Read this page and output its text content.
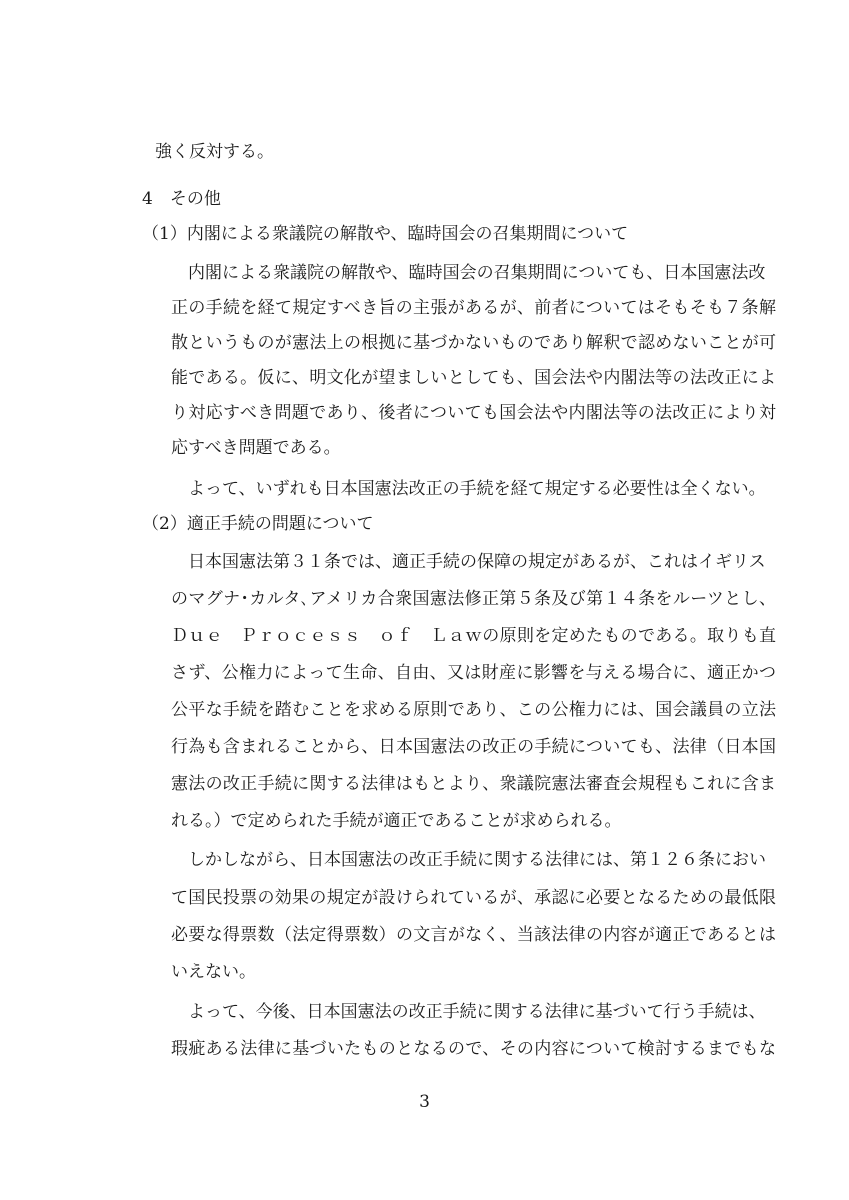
強く反対する。
4　その他
（1）内閣による衆議院の解散や、臨時国会の召集期間について
内閣による衆議院の解散や、臨時国会の召集期間についても、日本国憲法改
正の手続を経て規定すべき旨の主張があるが、前者についてはそもそも７条解
散というものが憲法上の根拠に基づかないものであり解釈で認めないことが可
能である。仮に、明文化が望ましいとしても、国会法や内閣法等の法改正によ
り対応すべき問題であり、後者についても国会法や内閣法等の法改正により対
応すべき問題である。
よって、いずれも日本国憲法改正の手続を経て規定する必要性は全くない。
（2）適正手続の問題について
日本国憲法第３１条では、適正手続の保障の規定があるが、これはイギリス
のマグナ･カルタ､アメリカ合衆国憲法修正第５条及び第１４条をルーツとし、
Ｄｕｅ　Ｐｒｏｃｅｓｓ　ｏｆ　Ｌａｗの原則を定めたものである。取りも直
さず、公権力によって生命、自由、又は財産に影響を与える場合に、適正かつ
公平な手続を踏むことを求める原則であり、この公権力には、国会議員の立法
行為も含まれることから、日本国憲法の改正の手続についても、法律（日本国
憲法の改正手続に関する法律はもとより、衆議院憲法審査会規程もこれに含ま
れる。）で定められた手続が適正であることが求められる。
しかしながら、日本国憲法の改正手続に関する法律には、第１２６条におい
て国民投票の効果の規定が設けられているが、承認に必要となるための最低限
必要な得票数（法定得票数）の文言がなく、当該法律の内容が適正であるとは
いえない。
よって、今後、日本国憲法の改正手続に関する法律に基づいて行う手続は、
瑕疵ある法律に基づいたものとなるので、その内容について検討するまでもな
3
